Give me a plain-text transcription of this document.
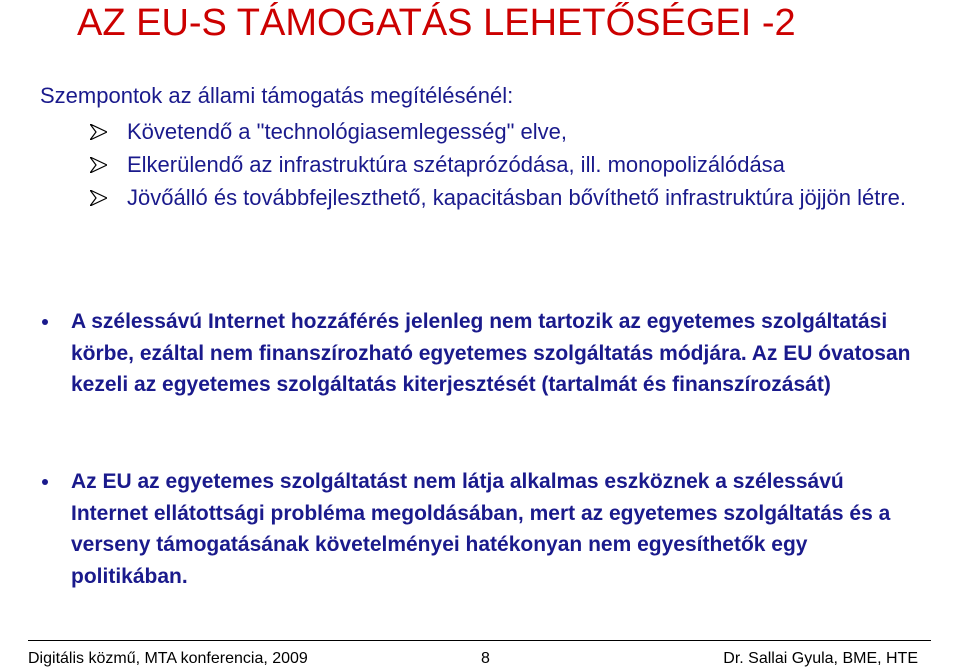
AZ EU-S TÁMOGATÁS LEHETŐSÉGEI -2
Szempontok az állami támogatás megítélésénél:
Követendő a "technológiasemlegesség" elve,
Elkerülendő az infrastruktúra szétaprózódása, ill. monopolizálódása
Jövőálló és továbbfejleszthető, kapacitásban bővíthető infrastruktúra jöjjön létre.
A szélessávú Internet hozzáférés jelenleg nem tartozik az egyetemes szolgáltatási körbe, ezáltal nem finanszírozható egyetemes szolgáltatás módjára. Az EU óvatosan kezeli az egyetemes szolgáltatás kiterjesztését (tartalmát és finanszírozását)
Az EU az egyetemes szolgáltatást nem látja alkalmas eszköznek a szélessávú Internet ellátottsági probléma megoldásában, mert az egyetemes szolgáltatás és a verseny támogatásának követelményei hatékonyan nem egyesíthetők egy politikában.
Digitális közmű, MTA konferencia, 2009	8	Dr. Sallai Gyula, BME, HTE
